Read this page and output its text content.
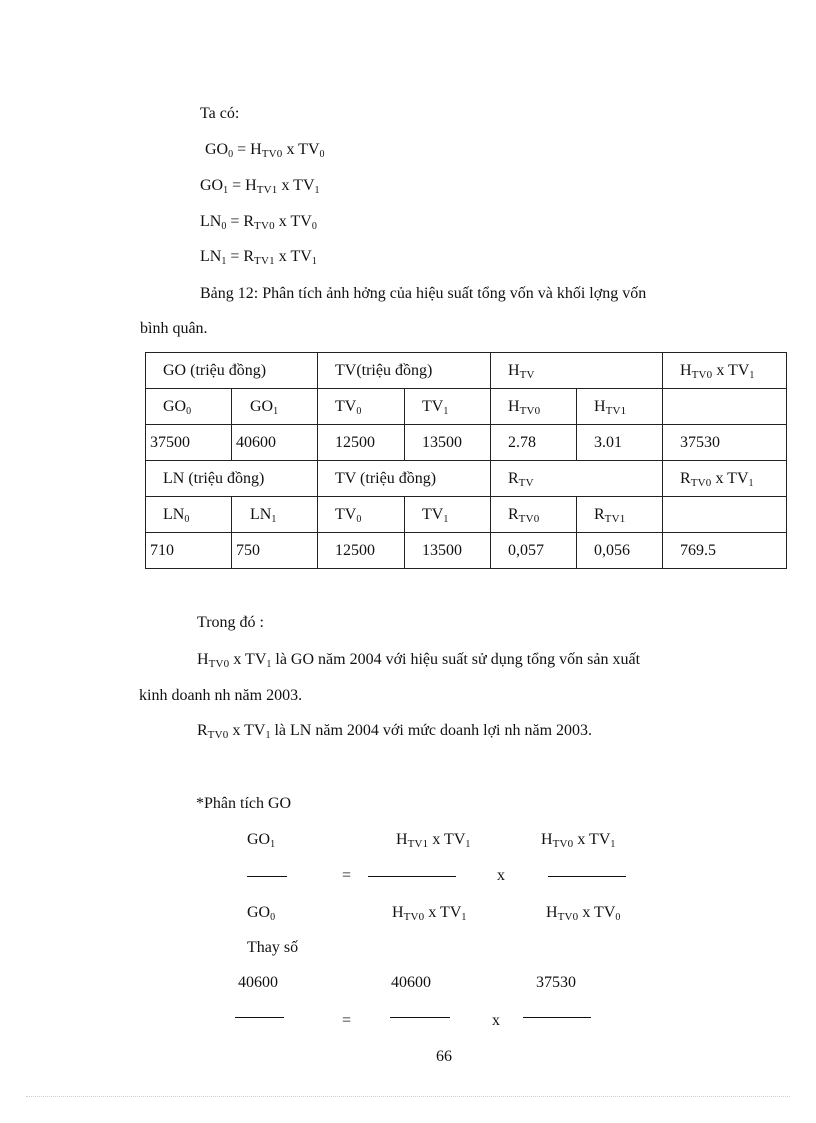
Ta có:
$GO_0 = H_{TV0}$ x $TV_0$
$GO_1 = H_{TV1}$ x $TV_1$
$LN_0 = R_{TV0}$ x $TV_0$
$LN_1 = R_{TV1}$ x $TV_1$
Bảng 12: Phân tích ảnh hởng của hiệu suất tổng vốn và khối lợng vốn
bình quân.
GO (triệu đồng)		TV(triệu đồng)		$H_{TV}$		$H_{TV0}$ x $TV_1$
$GO_0$	$GO_1$	$TV_0$	$TV_1$	$H_{TV0}$	$H_{TV1}$	
37500	40600	12500	13500	2.78	3.01	37530
LN (triệu đồng)		TV (triệu đồng)		$R_{TV}$		$R_{TV0}$ x $TV_1$
$LN_0$	$LN_1$	$TV_0$	$TV_1$	$R_{TV0}$	$R_{TV1}$	
710	750	12500	13500	0,057	0,056	769.5
Trong đó :
$H_{TV0}$ x $TV_1$ là GO năm 2004 với hiệu suất sử dụng tổng vốn sản xuất
kinh doanh nh năm 2003.
$R_{TV0}$ x $TV_1$ là LN năm 2004 với mức doanh lợi nh năm 2003.
*Phân tích GO
$GO_1$	$H_{TV1}$ x $TV_1$	$H_{TV0}$ x $TV_1$
=	x
$GO_0$	$H_{TV0}$ x $TV_1$	$H_{TV0}$ x $TV_0$
Thay số
40600	40600	37530
=	x
66
